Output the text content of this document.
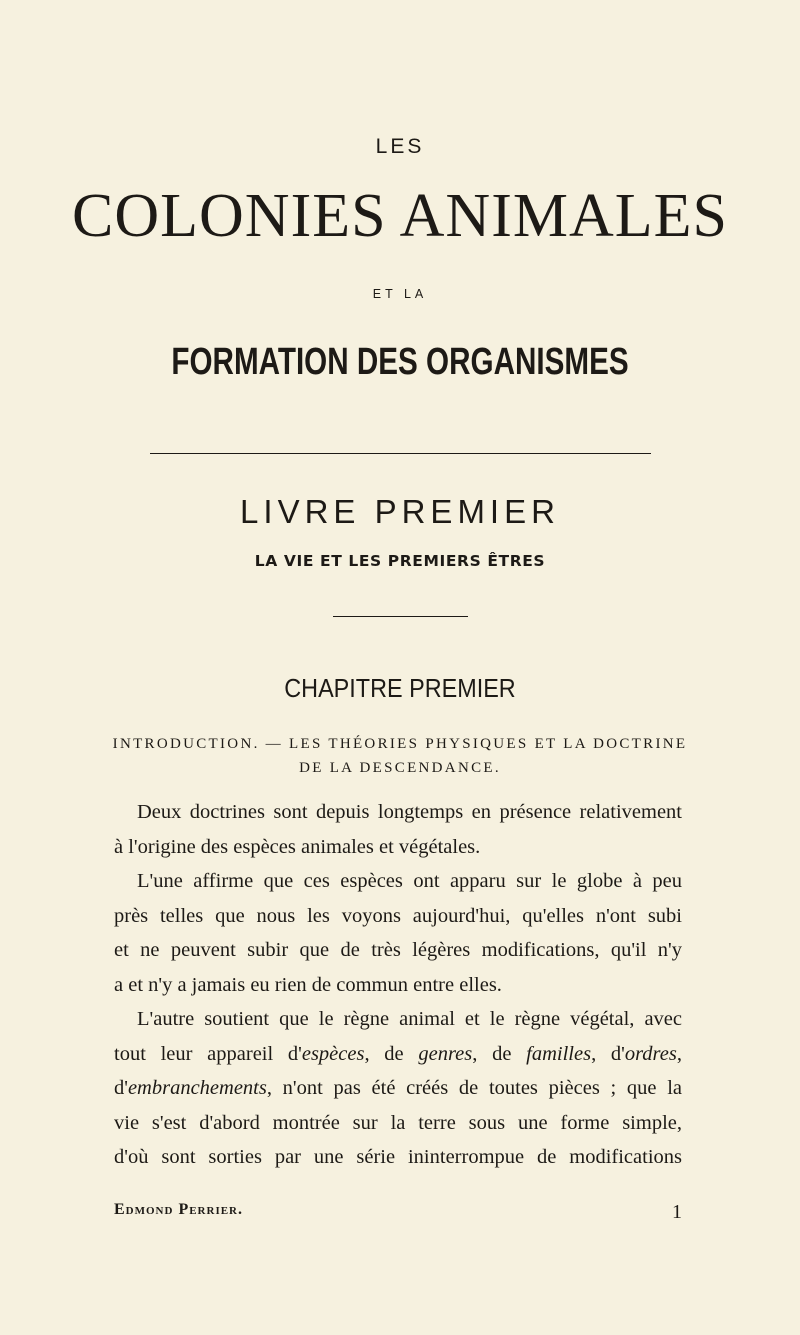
LES
COLONIES ANIMALES
ET LA
FORMATION DES ORGANISMES
LIVRE PREMIER
LA VIE ET LES PREMIERS ÊTRES
CHAPITRE PREMIER
INTRODUCTION. — LES THÉORIES PHYSIQUES ET LA DOCTRINE
DE LA DESCENDANCE.
Deux doctrines sont depuis longtemps en présence relativement
à l'origine des espèces animales et végétales.
L'une affirme que ces espèces ont apparu sur le globe à peu
près telles que nous les voyons aujourd'hui, qu'elles n'ont subi
et ne peuvent subir que de très légères modifications, qu'il n'y
a et n'y a jamais eu rien de commun entre elles.
L'autre soutient que le règne animal et le règne végétal, avec
tout leur appareil d'espèces, de genres, de familles, d'ordres,
d'embranchements, n'ont pas été créés de toutes pièces ; que la
vie s'est d'abord montrée sur la terre sous une forme simple,
d'où sont sorties par une série ininterrompue de modifications
Edmond Perrier.	1
